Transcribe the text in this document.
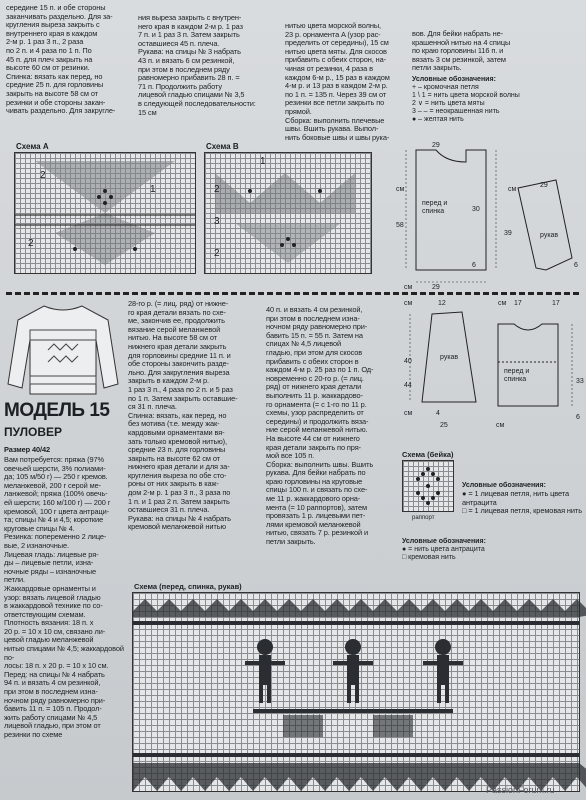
середине 15 п. и обе стороны
заканчивать раздельно. Для за-
кругления выреза закрыть с
внутреннего края в каждом
2-м р. 1 раз 3 п., 2 раза
по 2 п. и 4 раза по 1 п. По
45 п. для плеч закрыть на
высоте 60 см от резинки.
Спинка: вязать как перед, но
средние 25 п. для горловины
закрыть на высоте 58 см от
резинки и обе стороны закан-
чивать раздельно. Для закругле-
ния выреза закрыть с внутрен-
него края в каждом 2-м р. 1 раз
7 п. и 1 раз 3 п. Затем закрыть
оставшиеся 45 п. плеча.
Рукава: на спицы № 3 набрать
43 п. и вязать 6 см резинкой,
при этом в последнем ряду
равномерно прибавить 28 п. =
71 п. Продолжить работу
лицевой гладью спицами № 3,5
в следующей последовательности:
15 см
нитью цвета морской волны,
23 р. орнамента A (узор рас-
пределить от середины), 15 см
нитью цвета мяты. Для скосов
прибавить с обеих сторон, на-
чиная от резинки, 4 раза в
каждом 6-м р., 15 раз в каждом
4-м р. и 13 раз в каждом 2-м р.
по 1 п. = 135 п. Через 39 см от
резинки все петли закрыть по
прямой.
Сборка: выполнить плечевые
швы. Вшить рукава. Выпол-
нить боковые швы и швы рука-
вов. Для бейки набрать не-
крашенной нитью на 4 спицы
по краю горловины 116 п. и
вязать 3 см резинкой, затем
петли закрыть.
Условные обозначения:
+ – кромочная петля
1 \ 1 = нить цвета морской волны
2 ∨ = нить цвета мяты
3 – – = неокрашенная нить
● – желтая нить
Схема A
2
1
2
Схема B
1
2
3
2
перед и спинка
рукав
29
29
30
58
6
39
6
29
см	см
см
МОДЕЛЬ 15
ПУЛОВЕР
Размер 40/42
Вам потребуется: пряжа (97%
овечьей шерсти, 3% полиами-
да; 105 м/50 г) — 250 г кремов.
меланжевой, 200 г серой ме-
ланжевой; пряжа (100% овечь-
ей шерсти; 160 м/100 г) — 200 г
кремовой, 100 г цвета антраци-
та; спицы № 4 и 4,5; короткие
круговые спицы № 4.
Резинка: попеременно 2 лице-
вые, 2 изнаночные.
Лицевая гладь: лицевые ря-
ды – лицевые петли, изна-
ночные ряды – изнаночные
петли.
Жаккардовые орнаменты и
узор: вязать лицевой гладью
в жаккардовой технике по со-
ответствующим схемам.
Плотность вязания: 18 п. x
20 р. = 10 x 10 см, связано ли-
цевой гладью меланжевой
нитью спицами № 4,5; жаккардовой по-
лосы: 18 п. x 20 р. = 10 x 10 см.
Перед: на спицы № 4 набрать
94 п. и вязать 4 см резинкой,
при этом в последнем изна-
ночном ряду равномерно при-
бавить 11 п. = 105 п. Продол-
жить работу спицами № 4,5
лицевой гладью, при этом от
резинки по схеме
28-го р. (= лиц. ряд) от нижне-
го края детали вязать по схе-
ме, закончив ее, продолжить
вязание серой меланжевой
нитью. На высоте 58 см от
нижнего края детали закрыть
для горловины средние 11 п. и
обе стороны закончить разде-
льно. Для закругления выреза
закрыть в каждом 2-м р.
1 раз 3 п., 4 раза по 2 п. и 5 раз
по 1 п. Затем закрыть оставшие-
ся 31 п. плеча.
Спинка: вязать, как перед, но
без мотива (т.е. между жак-
кардовыми орнаментами вя-
зать только кремовой нитью),
средние 23 п. для горловины
закрыть на высоте 62 см от
нижнего края детали и для за-
кругления выреза по обе сто-
роны от них закрыть в каж-
дом 2-м р. 1 раз 3 п., 3 раза по
1 п. и 1 раз 2 п. Затем закрыть
оставшиеся 31 п. плеча.
Рукава: на спицы № 4 набрать
кремовой меланжевой нитью
40 п. и вязать 4 см резинкой,
при этом в последнем изна-
ночном ряду равномерно при-
бавить 15 п. = 55 п. Затем на
спицах № 4,5 лицевой
гладью, при этом для скосов
прибавить с обеих сторон в
каждом 4-м р. 25 раз по 1 п. Од-
новременно с 20-го р. (= лиц.
ряд) от нижнего края детали
выполнить 11 р. жаккардово-
го орнамента (= с 1-го по 11 р.
схемы, узор распределить от
середины) и продолжить вяза-
ние серой меланжевой нитью.
На высоте 44 см от нижнего
края детали закрыть по пря-
мой все 105 п.
Сборка: выполнить швы. Вшить
рукава. Для бейки набрать по
краю горловины на круговые
спицы 100 п. и связать по схе-
ме 11 р. жаккардового орна-
мента (= 10 раппортов), затем
провязать 1 р. лицевыми пет-
лями кремовой меланжевой
нитью, связать 7 р. резинкой и
петли закрыть.
рукав
перед и спинка
12	17	17
40
44
4
33
25
6
см	см
см
см
Схема (бейка)
раппорт
Условные обозначения:
● = 1 лицевая петля, нить цвета антрацита
□ = 1 лицевая петля, кремовая нить
Условные обозначения:
● = нить цвета антрацита
□ кремовая нить
Схема (перед, спинка, рукав)
PassionForum.ru
